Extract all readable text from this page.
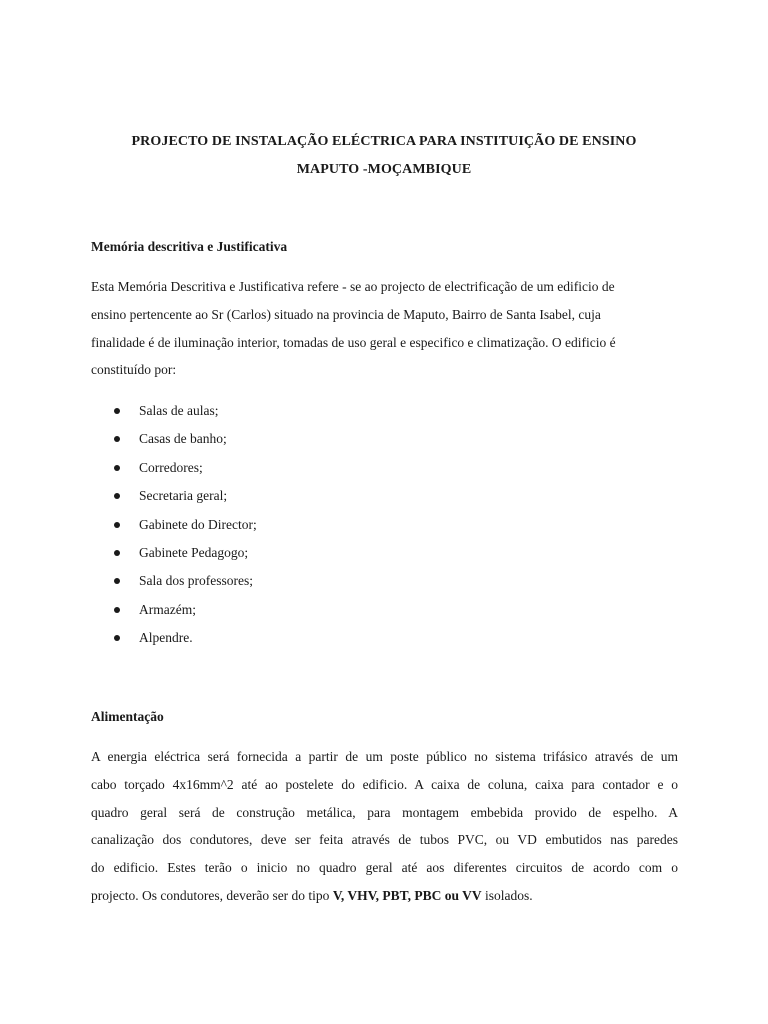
PROJECTO DE INSTALAÇÃO ELÉCTRICA PARA INSTITUIÇÃO DE ENSINO
MAPUTO -MOÇAMBIQUE
Memória descritiva e Justificativa
Esta Memória Descritiva e Justificativa refere - se ao projecto de electrificação de um edificio de
ensino pertencente ao Sr (Carlos) situado na provincia de Maputo, Bairro de Santa Isabel, cuja
finalidade é de iluminação interior, tomadas de uso geral e especifico e climatização. O edificio é
constituído por:
Salas de aulas;
Casas de banho;
Corredores;
Secretaria geral;
Gabinete do Director;
Gabinete Pedagogo;
Sala dos professores;
Armazém;
Alpendre.
Alimentação
A energia eléctrica será fornecida a partir de um poste público no sistema trifásico através de um
cabo torçado 4x16mm^2 até ao postelete do edificio. A caixa de coluna, caixa para contador e o
quadro geral será de construção metálica, para montagem embebida provido de espelho. A
canalização dos condutores, deve ser feita através de tubos PVC, ou VD embutidos nas paredes
do edificio. Estes terão o inicio no quadro geral até aos diferentes circuitos de acordo com o
projecto. Os condutores, deverão ser do tipo V, VHV, PBT, PBC ou VV isolados.
